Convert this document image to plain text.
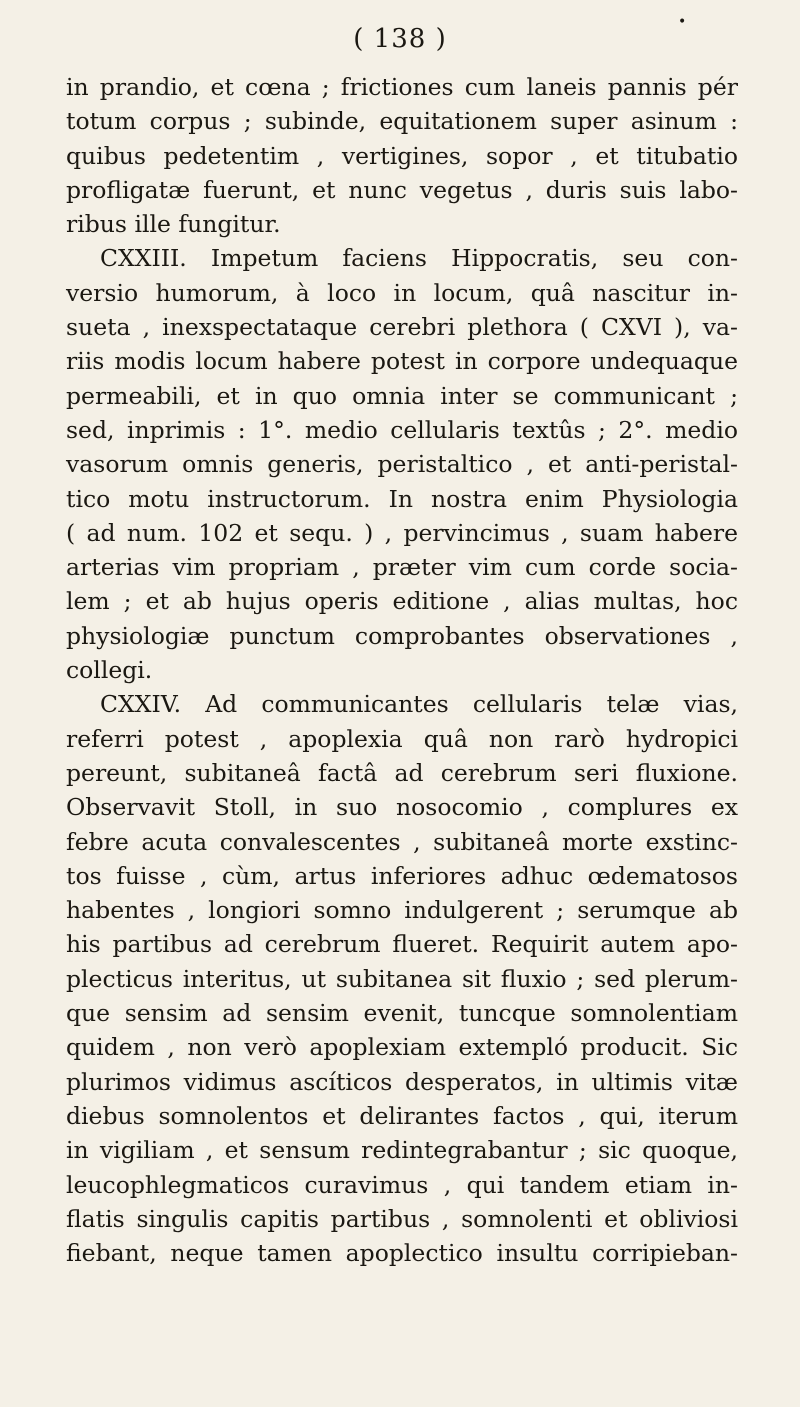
•
( 138 )
in prandio, et cœna ; frictiones cum laneis pannis pér
totum corpus ; subinde, equitationem super asinum :
quibus pedetentim , vertigines, sopor , et titubatio
profligatæ fuerunt, et nunc vegetus , duris suis labo-
ribus ille fungitur.
CXXIII. Impetum faciens Hippocratis, seu con-
versio humorum, à loco in locum, quâ nascitur in-
sueta , inexspectataque cerebri plethora ( CXVI ), va-
riis modis locum habere potest in corpore undequaque
permeabili, et in quo omnia inter se communicant ;
sed, inprimis : 1°. medio cellularis textûs ; 2°. medio
vasorum omnis generis, peristaltico , et anti-peristal-
tico motu instructorum. In nostra enim Physiologia
( ad num. 102 et sequ. ) , pervincimus , suam habere
arterias vim propriam , præter vim cum corde socia-
lem ; et ab hujus operis editione , alias multas, hoc
physiologiæ punctum comprobantes observationes ,
collegi.
CXXIV. Ad communicantes cellularis telæ vias,
referri potest , apoplexia quâ non rarò hydropici
pereunt, subitaneâ factâ ad cerebrum seri fluxione.
Observavit Stoll, in suo nosocomio , complures ex
febre acuta convalescentes , subitaneâ morte exstinc-
tos fuisse , cùm, artus inferiores adhuc œdematosos
habentes , longiori somno indulgerent ; serumque ab
his partibus ad cerebrum flueret. Requirit autem apo-
plecticus interitus, ut subitanea sit fluxio ; sed plerum-
que sensim ad sensim evenit, tuncque somnolentiam
quidem , non verò apoplexiam extempló producit. Sic
plurimos vidimus ascíticos desperatos, in ultimis vitæ
diebus somnolentos et delirantes factos , qui, iterum
in vigiliam , et sensum redintegrabantur ; sic quoque,
leucophlegmaticos curavimus , qui tandem etiam in-
flatis singulis capitis partibus , somnolenti et obliviosi
fiebant, neque tamen apoplectico insultu corripieban-
